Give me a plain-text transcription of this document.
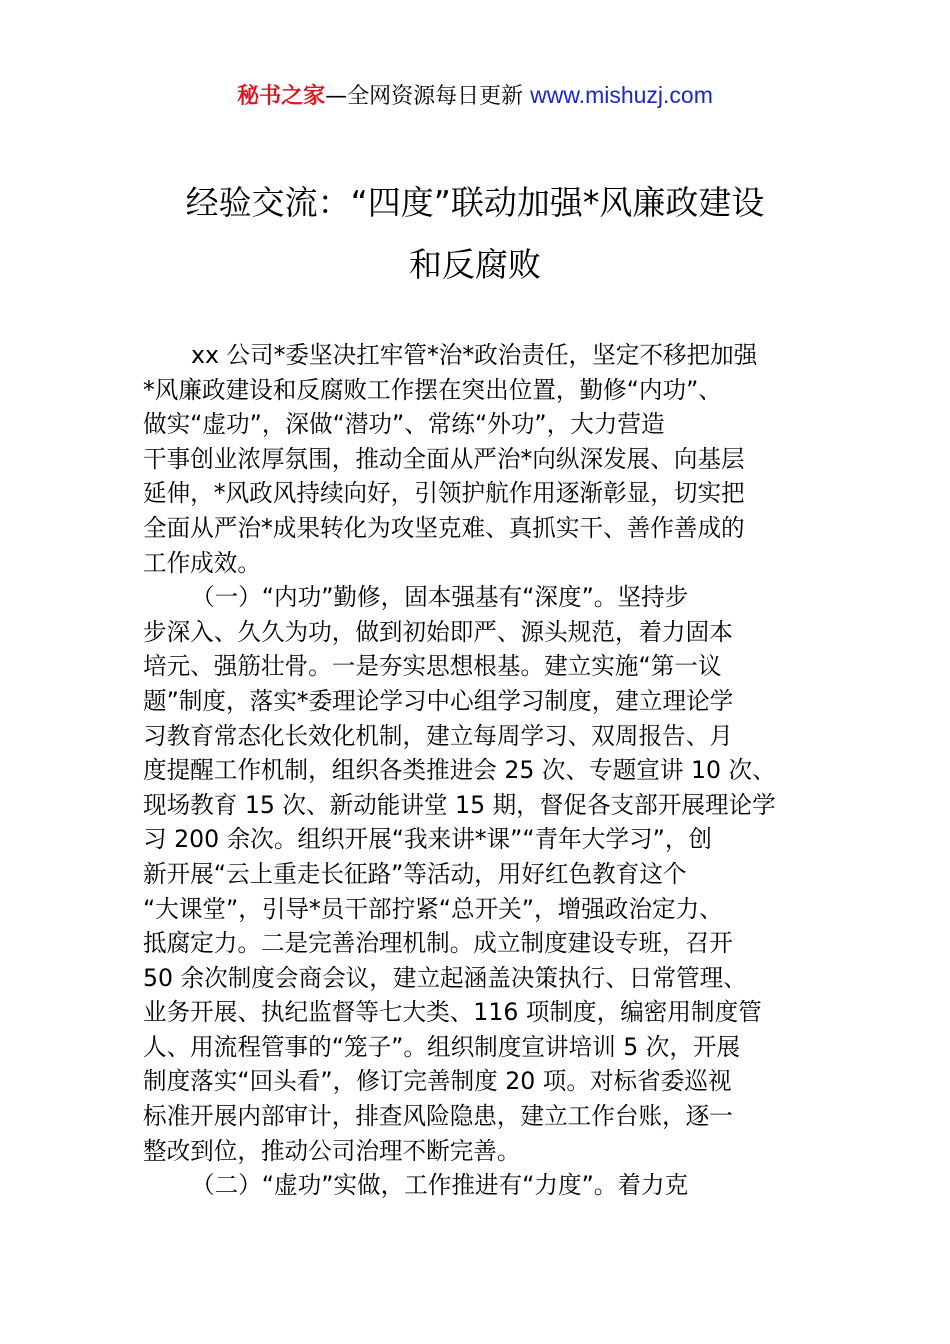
秘书之家—全网资源每日更新 www.mishuzj.com
经验交流：“四度”联动加强*风廉政建设
和反腐败
xx 公司*委坚决扛牢管*治*政治责任，坚定不移把加强
*风廉政建设和反腐败工作摆在突出位置，勤修“内功”、
做实“虚功”，深做“潜功”、常练“外功”，大力营造
干事创业浓厚氛围，推动全面从严治*向纵深发展、向基层
延伸，*风政风持续向好，引领护航作用逐渐彰显，切实把
全面从严治*成果转化为攻坚克难、真抓实干、善作善成的
工作成效。
（一）“内功”勤修，固本强基有“深度”。坚持步
步深入、久久为功，做到初始即严、源头规范，着力固本
培元、强筋壮骨。一是夯实思想根基。建立实施“第一议
题”制度，落实*委理论学习中心组学习制度，建立理论学
习教育常态化长效化机制，建立每周学习、双周报告、月
度提醒工作机制，组织各类推进会 25 次、专题宣讲 10 次、
现场教育 15 次、新动能讲堂 15 期，督促各支部开展理论学
习 200 余次。组织开展“我来讲*课”“青年大学习”，创
新开展“云上重走长征路”等活动，用好红色教育这个
“大课堂”，引导*员干部拧紧“总开关”，增强政治定力、
抵腐定力。二是完善治理机制。成立制度建设专班，召开
50 余次制度会商会议，建立起涵盖决策执行、日常管理、
业务开展、执纪监督等七大类、116 项制度，编密用制度管
人、用流程管事的“笼子”。组织制度宣讲培训 5 次，开展
制度落实“回头看”，修订完善制度 20 项。对标省委巡视
标准开展内部审计，排查风险隐患，建立工作台账，逐一
整改到位，推动公司治理不断完善。
（二）“虚功”实做，工作推进有“力度”。着力克
